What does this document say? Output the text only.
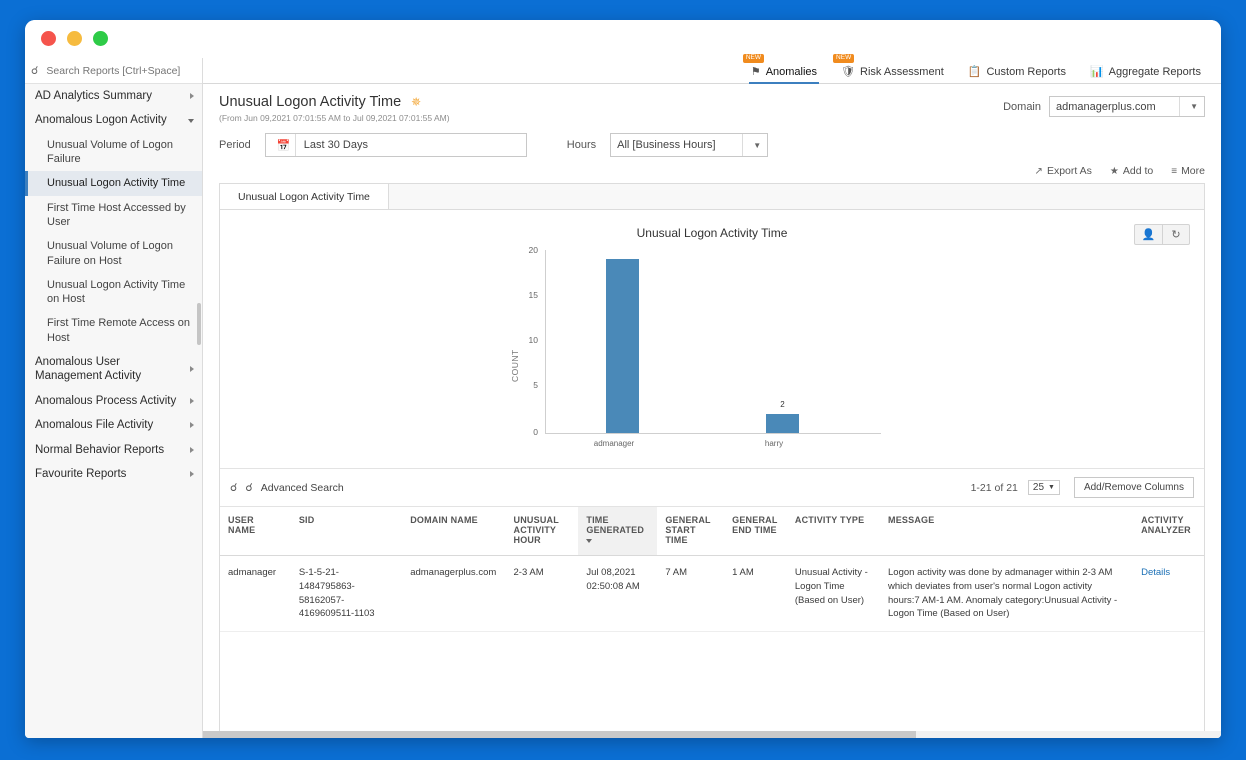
☌
Search Reports [Ctrl+Space]
AD Analytics Summary
Anomalous Logon Activity
Unusual Volume of Logon Failure
Unusual Logon Activity Time
First Time Host Accessed by User
Unusual Volume of Logon Failure on Host
Unusual Logon Activity Time on Host
First Time Remote Access on Host
Anomalous User Management Activity
Anomalous Process Activity
Anomalous File Activity
Normal Behavior Reports
Favourite Reports
NEW
⚑ Anomalies
NEW
🛡 Risk Assessment 📋 Custom Reports 📊 Aggregate Reports
Unusual Logon Activity Time ✵
(From Jun 09,2021 07:01:55 AM to Jul 09,2021 07:01:55 AM)
Domain admanagerplus.com	▼
Period	📅	Last 30 Days	Hours All [Business Hours]	▼
↗ Export As ★ Add to ≡ More
Unusual Logon Activity Time
Unusual Logon Activity Time	👤	↻
COUNT
20
15
10
5
0
19
2
admanager	harry
☌ ☌ Advanced Search	1-21 of 21 25 ▼	Add/Remove Columns
USER NAME	SID	DOMAIN NAME	UNUSUAL ACTIVITY HOUR	TIME GENERATED	GENERAL START TIME	GENERAL END TIME	ACTIVITY TYPE	MESSAGE	ACTIVITY ANALYZER
admanager	S-1-5-21-1484795863-58162057-4169609511-1103	admanagerplus.com	2-3 AM	Jul 08,2021 02:50:08 AM	7 AM	1 AM	Unusual Activity - Logon Time (Based on User)	Logon activity was done by admanager within 2-3 AM which deviates from user's normal Logon activity hours:7 AM-1 AM. Anomaly category:Unusual Activity -Logon Time (Based on User)	Details
